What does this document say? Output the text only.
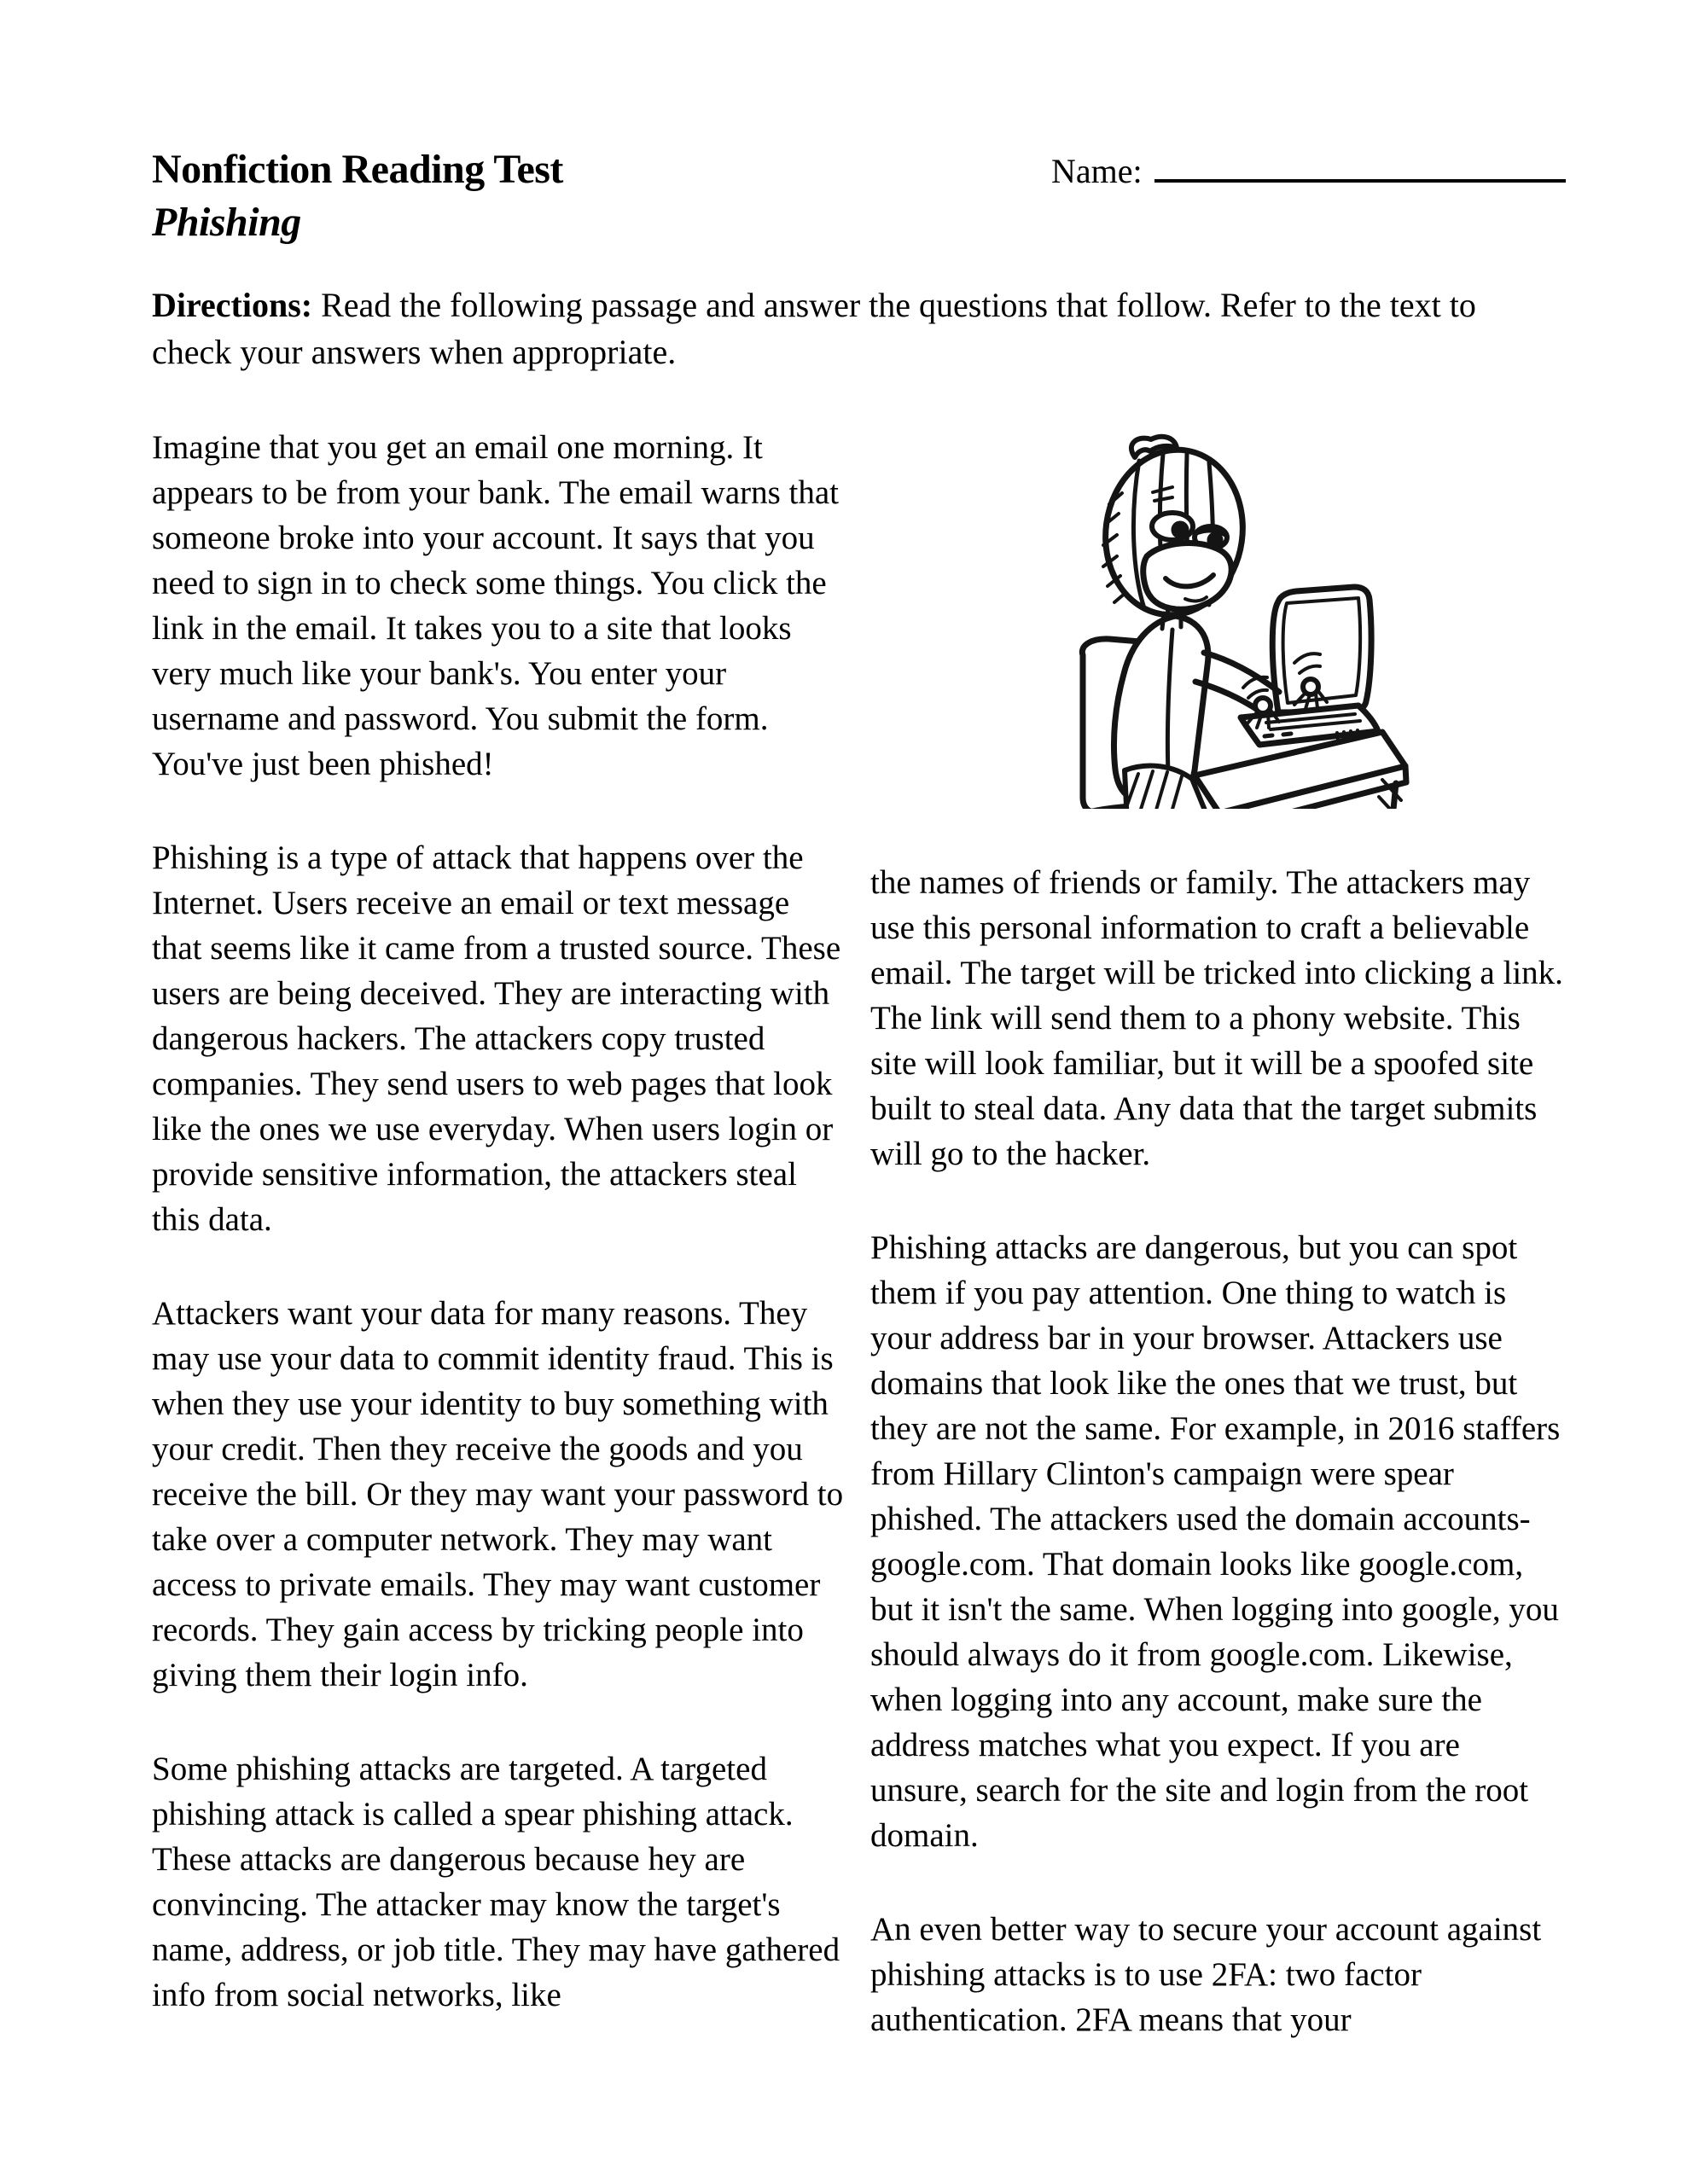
Name:
Nonfiction Reading Test
Phishing
Directions: Read the following passage and answer the questions that follow. Refer to the text to check your answers when appropriate.

Imagine that you get an email one morning. It appears to be from your bank. The email warns that someone broke into your account. It says that you need to sign in to check some things. You click the link in the email. It takes you to a site that looks very much like your bank's. You enter your username and password. You submit the form. You've just been phished!

Phishing is a type of attack that happens over the Internet. Users receive an email or text message that seems like it came from a trusted source. These users are being deceived. They are interacting with dangerous hackers. The attackers copy trusted companies. They send users to web pages that look like the ones we use everyday. When users login or provide sensitive information, the attackers steal this data.

Attackers want your data for many reasons. They may use your data to commit identity fraud. This is when they use your identity to buy something with your credit. Then they receive the goods and you receive the bill. Or they may want your password to take over a computer network. They may want access to private emails. They may want customer records. They gain access by tricking people into giving them their login info.

Some phishing attacks are targeted. A targeted phishing attack is called a spear phishing attack. These attacks are dangerous because hey are convincing. The attacker may know the target's name, address, or job title. They may have gathered info from social networks, like

the names of friends or family. The attackers may use this personal information to craft a believable email. The target will be tricked into clicking a link. The link will send them to a phony website. This site will look familiar, but it will be a spoofed site built to steal data. Any data that the target submits will go to the hacker.

Phishing attacks are dangerous, but you can spot them if you pay attention. One thing to watch is your address bar in your browser. Attackers use domains that look like the ones that we trust, but they are not the same. For example, in 2016 staffers from Hillary Clinton's campaign were spear phished. The attackers used the domain accounts-google.com. That domain looks like google.com, but it isn't the same. When logging into google, you should always do it from google.com. Likewise, when logging into any account, make sure the address matches what you expect. If you are unsure, search for the site and login from the root domain.

An even better way to secure your account against phishing attacks is to use 2FA: two factor authentication. 2FA means that your
